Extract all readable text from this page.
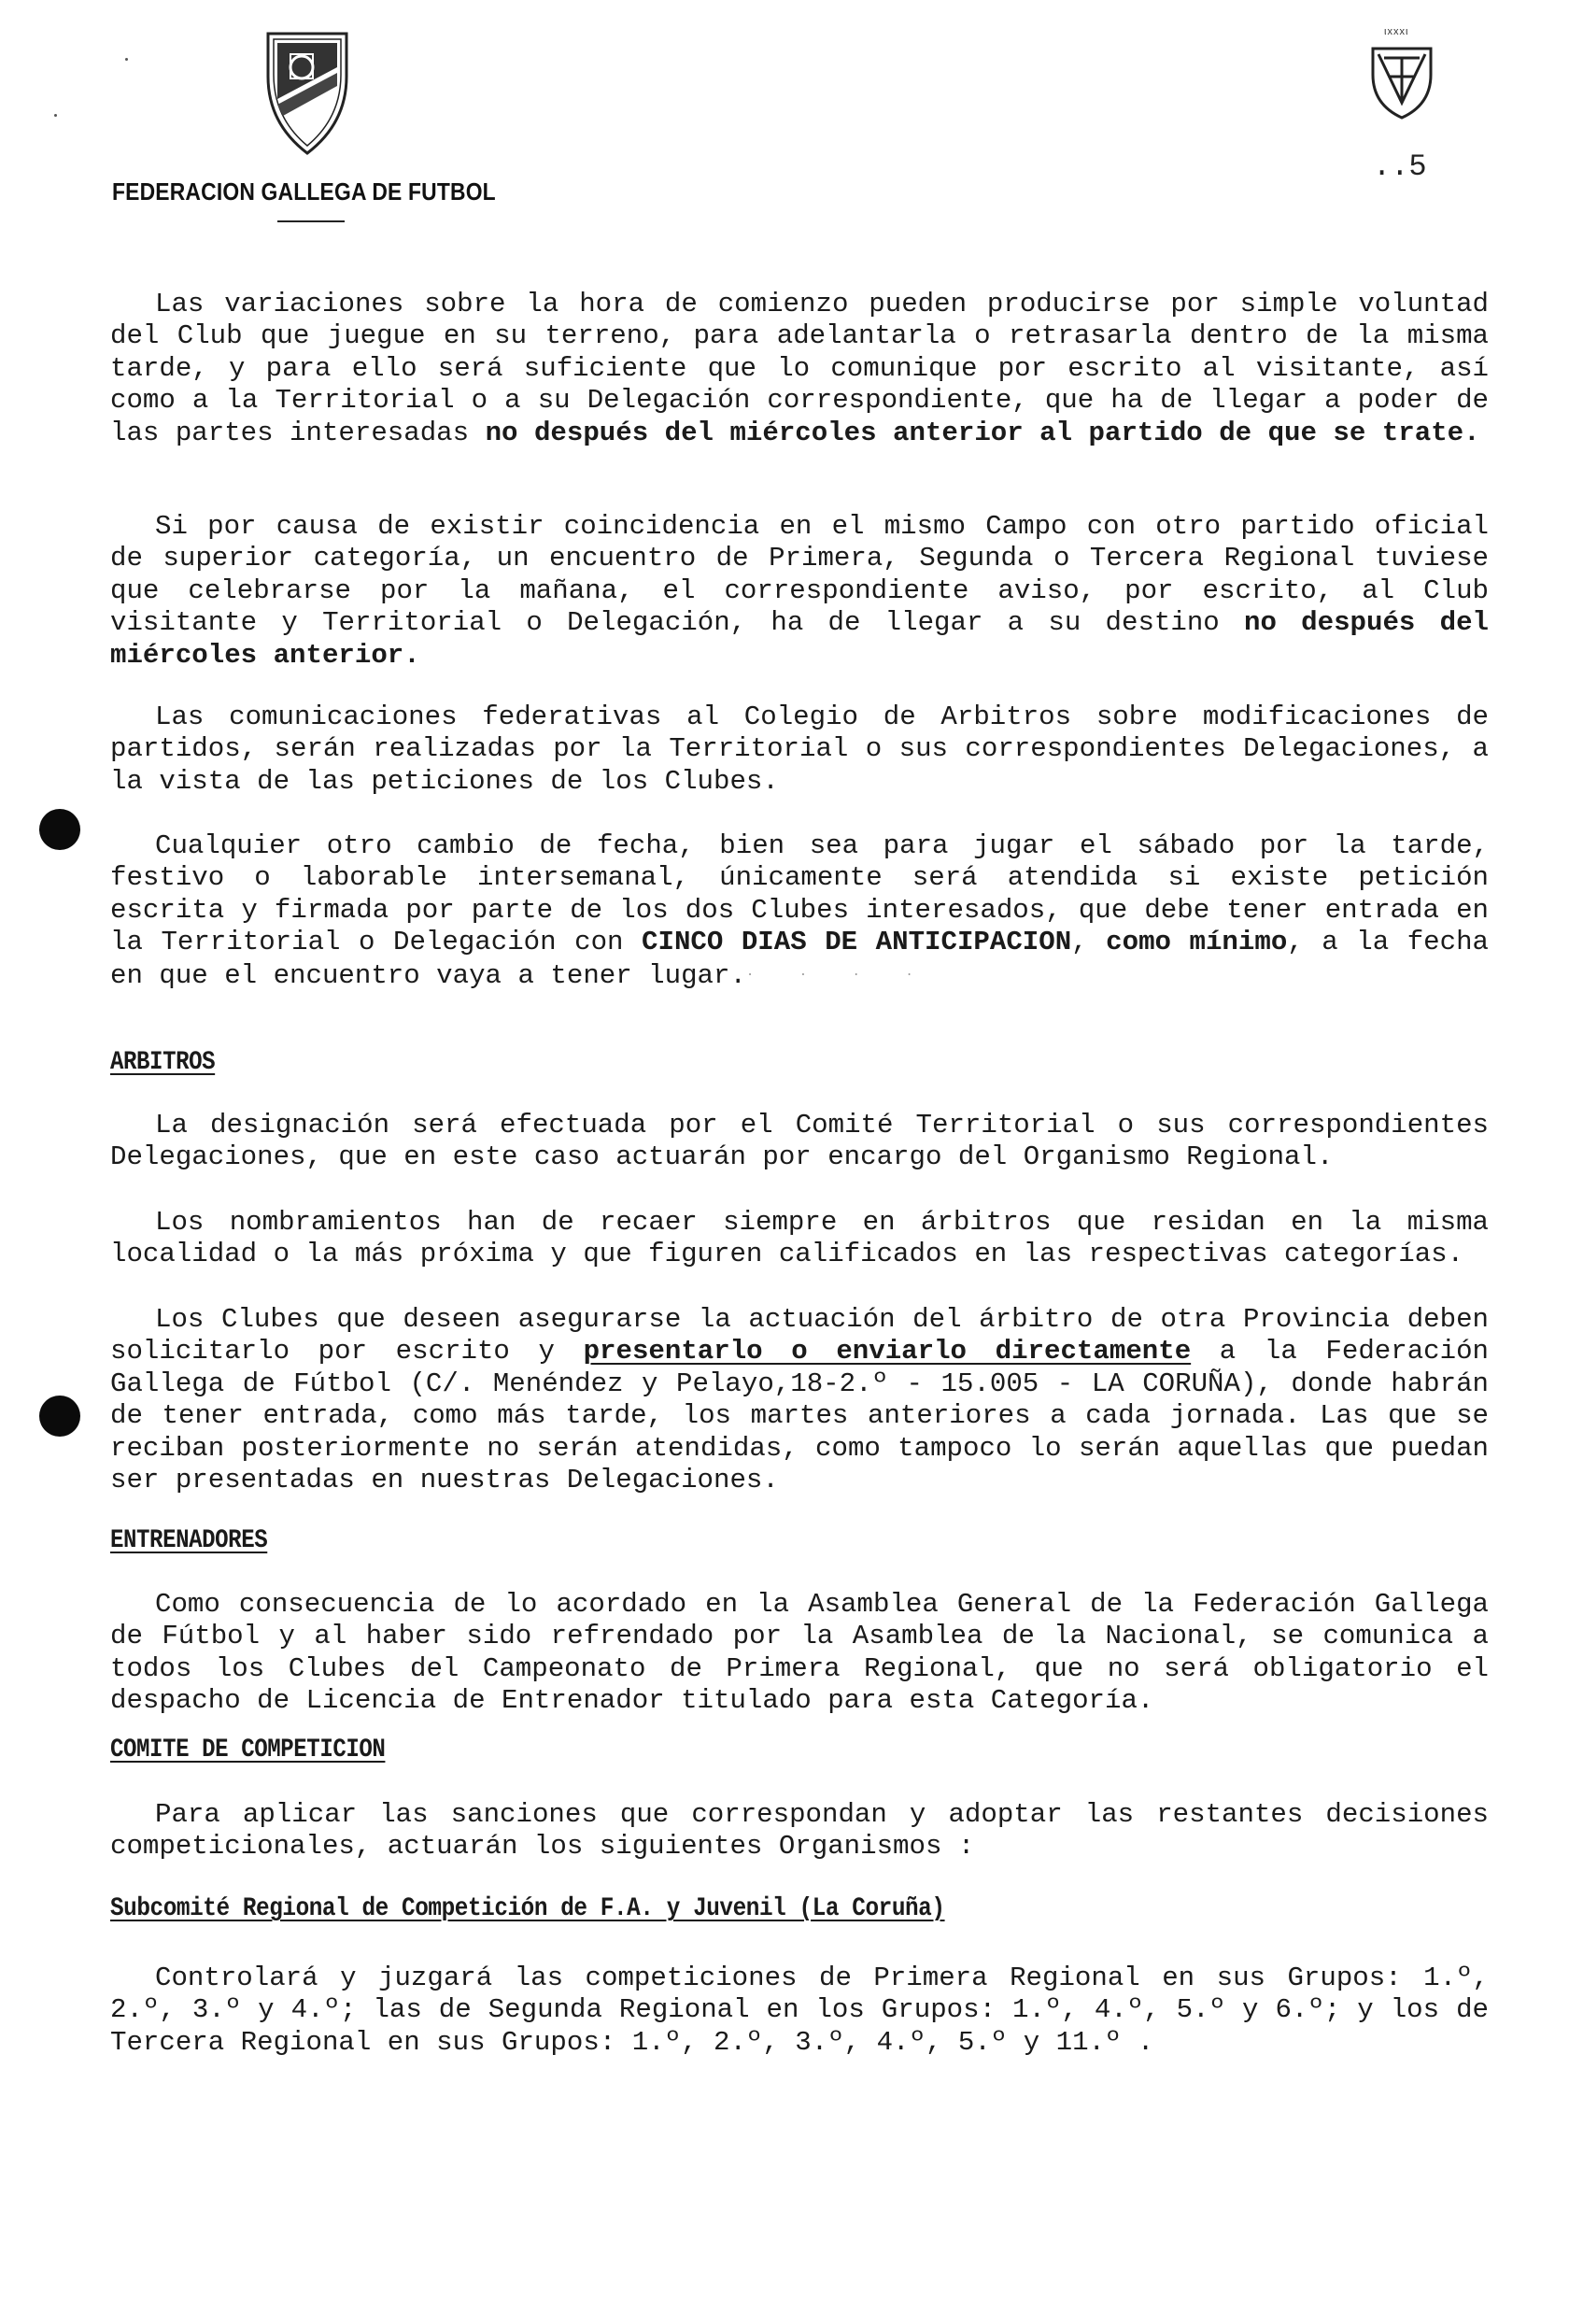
FEDERACION GALLEGA DE FUTBOL
ιxxxι
..5

Las variaciones sobre la hora de comienzo pueden producirse por simple voluntad del Club que juegue en su terreno, para adelantarla o retrasarla dentro de la misma tarde, y para ello será suficiente que lo comunique por escrito al visitante, así como a la Territorial o a su Delegación correspondiente, que ha de llegar a poder de las partes interesadas no después del miércoles anterior al partido de que se trate.

Si por causa de existir coincidencia en el mismo Campo con otro partido oficial de superior categoría, un encuentro de Primera, Segunda o Tercera Regional tuviese que celebrarse por la mañana, el correspondiente aviso, por escrito, al Club visitante y Territorial o Delegación, ha de llegar a su destino no después del miércoles anterior.

Las comunicaciones federativas al Colegio de Arbitros sobre modificaciones de partidos, serán realizadas por la Territorial o sus correspondientes Delegaciones, a la vista de las peticiones de los Clubes.

Cualquier otro cambio de fecha, bien sea para jugar el sábado por la tarde, festivo o laborable intersemanal, únicamente será atendida si existe petición escrita y firmada por parte de los dos Clubes interesados, que debe tener entrada en la Territorial o Delegación con CINCO DIAS DE ANTICIPACION, como mínimo, a la fecha en que el encuentro vaya a tener lugar.· · · ·

ARBITROS

La designación será efectuada por el Comité Territorial o sus correspondientes Delegaciones, que en este caso actuarán por encargo del Organismo Regional.

Los nombramientos han de recaer siempre en árbitros que residan en la misma localidad o la más próxima y que figuren calificados en las respectivas categorías.

Los Clubes que deseen asegurarse la actuación del árbitro de otra Provincia deben solicitarlo por escrito y presentarlo o enviarlo directamente a la Federación Gallega de Fútbol (C/. Menéndez y Pelayo,18-2.º - 15.005 - LA CORUÑA), donde habrán de tener entrada, como más tarde, los martes anteriores a cada jornada. Las que se reciban posteriormente no serán atendidas, como tampoco lo serán aquellas que puedan ser presentadas en nuestras Delegaciones.

ENTRENADORES

Como consecuencia de lo acordado en la Asamblea General de la Federación Gallega de Fútbol y al haber sido refrendado por la Asamblea de la Nacional, se comunica a todos los Clubes del Campeonato de Primera Regional, que no será obligatorio el despacho de Licencia de Entrenador titulado para esta Categoría.

COMITE DE COMPETICION

Para aplicar las sanciones que correspondan y adoptar las restantes decisiones competicionales, actuarán los siguientes Organismos :

Subcomité Regional de Competición de F.A. y Juvenil (La Coruña)

Controlará y juzgará las competiciones de Primera Regional en sus Grupos: 1.º, 2.º, 3.º y 4.º; las de Segunda Regional en los Grupos: 1.º, 4.º, 5.º y 6.º; y los de Tercera Regional en sus Grupos: 1.º, 2.º, 3.º, 4.º, 5.º y 11.º .
